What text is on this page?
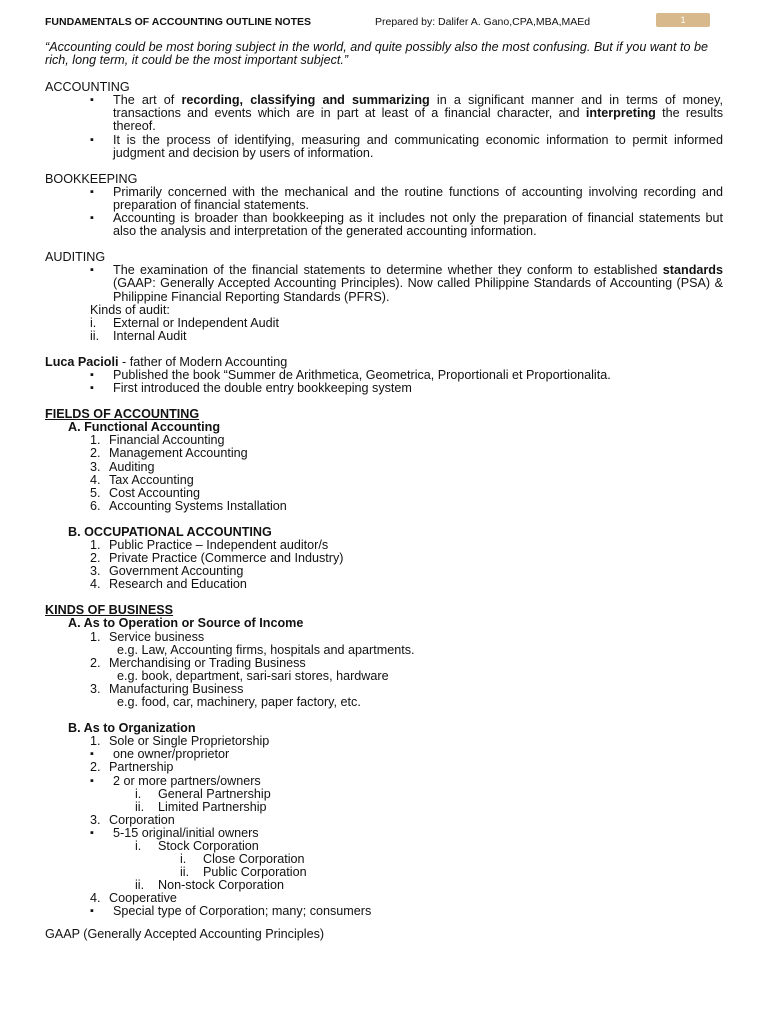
FUNDAMENTALS OF ACCOUNTING OUTLINE NOTES	Prepared by: Dalifer A. Gano,CPA,MBA,MAEd	1

“Accounting could be most boring subject in the world, and quite possibly also the most confusing. But if you want to be rich, long term, it could be the most important subject.”

ACCOUNTING
▪ The art of recording, classifying and summarizing in a significant manner and in terms of money, transactions and events which are in part at least of a financial character, and interpreting the results thereof.
▪ It is the process of identifying, measuring and communicating economic information to permit informed judgment and decision by users of information.
BOOKKEEPING
▪ Primarily concerned with the mechanical and the routine functions of accounting involving recording and preparation of financial statements.
▪ Accounting is broader than bookkeeping as it includes not only the preparation of financial statements but also the analysis and interpretation of the generated accounting information.
AUDITING
▪ The examination of the financial statements to determine whether they conform to established standards (GAAP: Generally Accepted Accounting Principles). Now called Philippine Standards of Accounting (PSA) & Philippine Financial Reporting Standards (PFRS).
Kinds of audit:
i. External or Independent Audit
ii. Internal Audit
Luca Pacioli - father of Modern Accounting
▪ Published the book “Summer de Arithmetica, Geometrica, Proportionali et Proportionalita.
▪ First introduced the double entry bookkeeping system
FIELDS OF ACCOUNTING
A. Functional Accounting
1. Financial Accounting
2. Management Accounting
3. Auditing
4. Tax Accounting
5. Cost Accounting
6. Accounting Systems Installation
B. OCCUPATIONAL ACCOUNTING
1. Public Practice – Independent auditor/s
2. Private Practice (Commerce and Industry)
3. Government Accounting
4. Research and Education
KINDS OF BUSINESS
A. As to Operation or Source of Income
1. Service business
e.g. Law, Accounting firms, hospitals and apartments.
2. Merchandising or Trading Business
e.g. book, department, sari-sari stores, hardware
3. Manufacturing Business
e.g. food, car, machinery, paper factory, etc.
B. As to Organization
1. Sole or Single Proprietorship
▪ one owner/proprietor
2. Partnership
▪ 2 or more partners/owners
i. General Partnership
ii. Limited Partnership
3. Corporation
▪ 5-15 original/initial owners
i. Stock Corporation
i. Close Corporation
ii. Public Corporation
ii. Non-stock Corporation
4. Cooperative
▪ Special type of Corporation; many; consumers
GAAP (Generally Accepted Accounting Principles)
